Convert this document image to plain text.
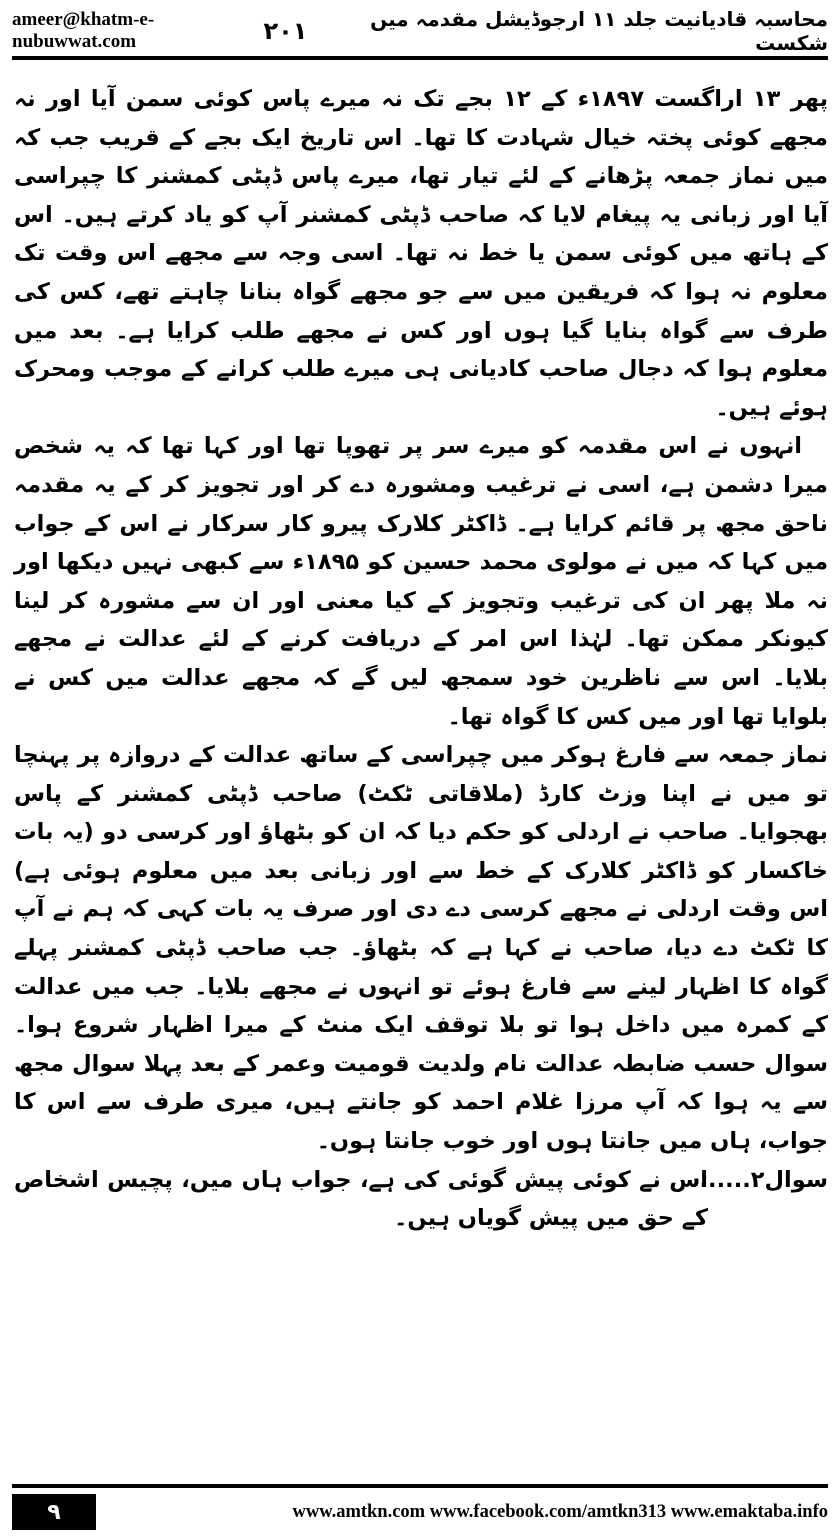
ameer@khatm-e-nubuwwat.com
محاسبہ قادیانیت جلد ۱۱ ارجوڈیشل مقدمہ میں شکست
۲۰۱

پھر ۱۳ اراگست ۱۸۹۷ء کے ۱۲ بجے تک نہ میرے پاس کوئی سمن آیا اور نہ مجھے کوئی پختہ خیال شہادت کا تھا۔ اس تاریخ ایک بجے کے قریب جب کہ میں نماز جمعہ پڑھانے کے لئے تیار تھا، میرے پاس ڈپٹی کمشنر کا چپراسی آیا اور زبانی یہ پیغام لایا کہ صاحب ڈپٹی کمشنر آپ کو یاد کرتے ہیں۔ اس کے ہاتھ میں کوئی سمن یا خط نہ تھا۔ اسی وجہ سے مجھے اس وقت تک معلوم نہ ہوا کہ فریقین میں سے جو مجھے گواہ بنانا چاہتے تھے، کس کی طرف سے گواہ بنایا گیا ہوں اور کس نے مجھے طلب کرایا ہے۔ بعد میں معلوم ہوا کہ دجال صاحب کادیانی ہی میرے طلب کرانے کے موجب ومحرک ہوئے ہیں۔

انہوں نے اس مقدمہ کو میرے سر پر تھوپا تھا اور کہا تھا کہ یہ شخص میرا دشمن ہے، اسی نے ترغیب ومشورہ دے کر اور تجویز کر کے یہ مقدمہ ناحق مجھ پر قائم کرایا ہے۔ ڈاکٹر کلارک پیرو کار سرکار نے اس کے جواب میں کہا کہ میں نے مولوی محمد حسین کو ۱۸۹۵ء سے کبھی نہیں دیکھا اور نہ ملا پھر ان کی ترغیب وتجویز کے کیا معنی اور ان سے مشورہ کر لینا کیونکر ممکن تھا۔ لہٰذا اس امر کے دریافت کرنے کے لئے عدالت نے مجھے بلایا۔ اس سے ناظرین خود سمجھ لیں گے کہ مجھے عدالت میں کس نے بلوایا تھا اور میں کس کا گواہ تھا۔

نماز جمعہ سے فارغ ہوکر میں چپراسی کے ساتھ عدالت کے دروازہ پر پہنچا تو میں نے اپنا وزٹ کارڈ (ملاقاتی ٹکٹ) صاحب ڈپٹی کمشنر کے پاس بھجوایا۔ صاحب نے اردلی کو حکم دیا کہ ان کو بٹھاؤ اور کرسی دو (یہ بات خاکسار کو ڈاکٹر کلارک کے خط سے اور زبانی بعد میں معلوم ہوئی ہے) اس وقت اردلی نے مجھے کرسی دے دی اور صرف یہ بات کہی کہ ہم نے آپ کا ٹکٹ دے دیا، صاحب نے کہا ہے کہ بٹھاؤ۔ جب صاحب ڈپٹی کمشنر پہلے گواہ کا اظہار لینے سے فارغ ہوئے تو انہوں نے مجھے بلایا۔ جب میں عدالت کے کمرہ میں داخل ہوا تو بلا توقف ایک منٹ کے میرا اظہار شروع ہوا۔ سوال حسب ضابطہ عدالت نام ولدیت قومیت وعمر کے بعد پہلا سوال مجھ سے یہ ہوا کہ آپ مرزا غلام احمد کو جانتے ہیں، میری طرف سے اس کا جواب، ہاں میں جانتا ہوں اور خوب جانتا ہوں۔

سوال۲......
اس نے کوئی پیش گوئی کی ہے، جواب ہاں میں، پچیس اشخاص کے حق میں پیش گویاں ہیں۔
۹	www.amtkn.com www.facebook.com/amtkn313 www.emaktaba.info
